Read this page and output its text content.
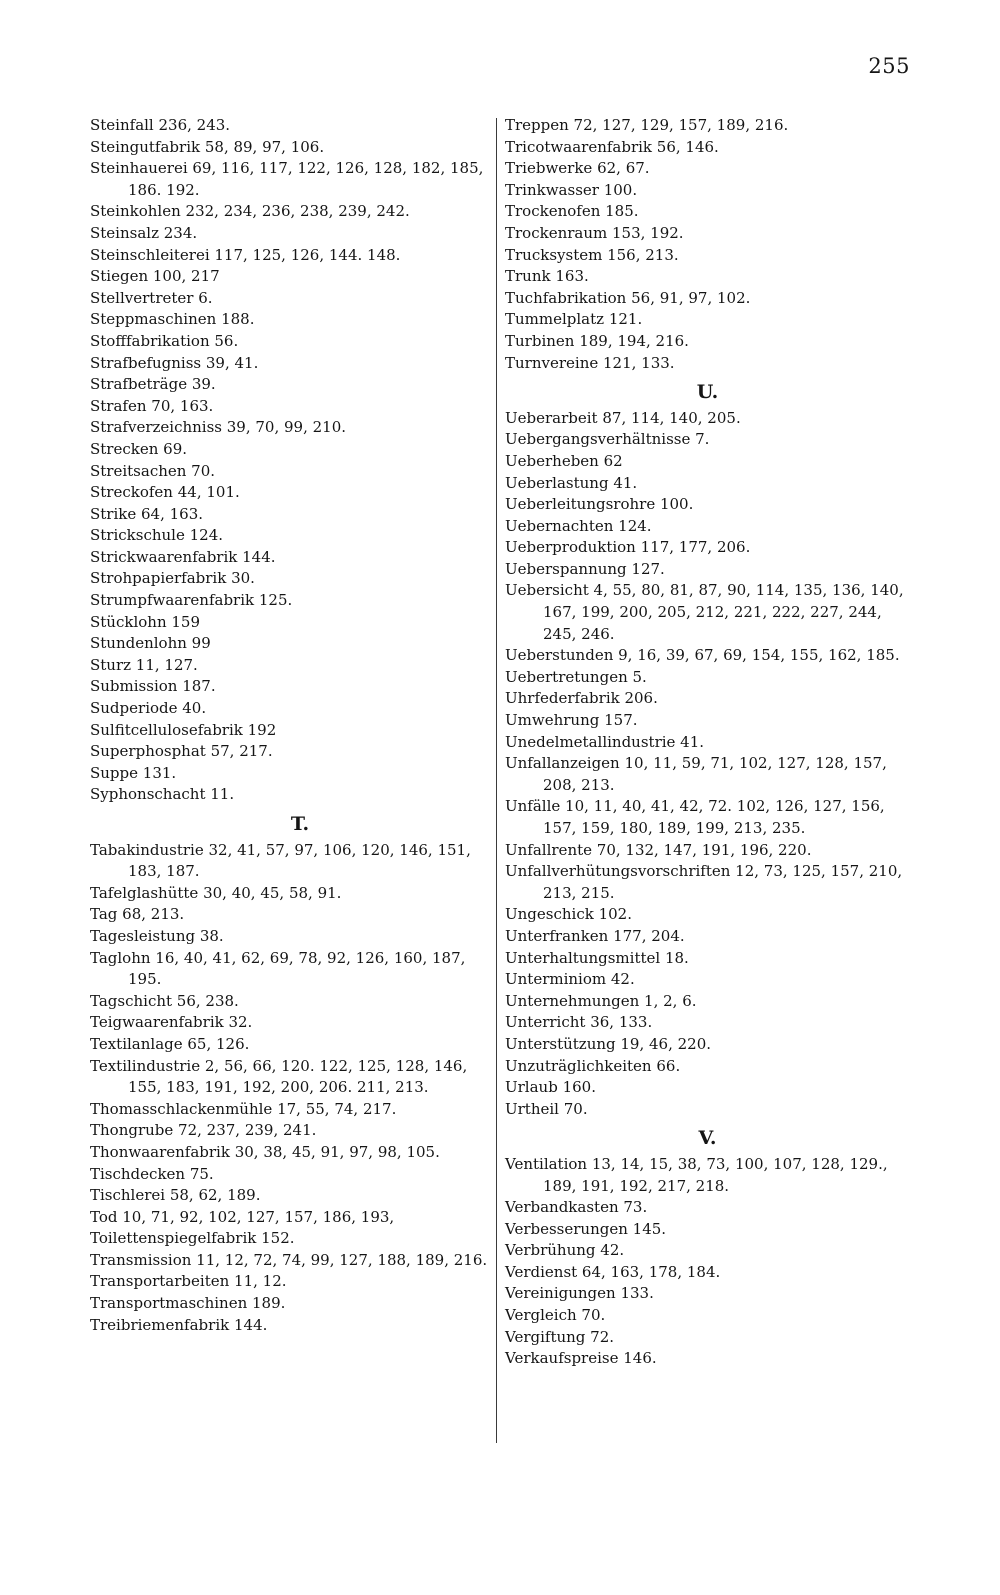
255
Steinfall 236, 243.
Steingutfabrik 58, 89, 97, 106.
Steinhauerei 69, 116, 117, 122, 126, 128, 182, 185, 186. 192.
Steinkohlen 232, 234, 236, 238, 239, 242.
Steinsalz 234.
Steinschleiterei 117, 125, 126, 144. 148.
Stiegen 100, 217
Stellvertreter 6.
Steppmaschinen 188.
Stofffabrikation 56.
Strafbefugniss 39, 41.
Strafbeträge 39.
Strafen 70, 163.
Strafverzeichniss 39, 70, 99, 210.
Strecken 69.
Streitsachen 70.
Streckofen 44, 101.
Strike 64, 163.
Strickschule 124.
Strickwaarenfabrik 144.
Strohpapierfabrik 30.
Strumpfwaarenfabrik 125.
Stücklohn 159
Stundenlohn 99
Sturz 11, 127.
Submission 187.
Sudperiode 40.
Sulfitcellulosefabrik 192
Superphosphat 57, 217.
Suppe 131.
Syphonschacht 11.
T.
Tabakindustrie 32, 41, 57, 97, 106, 120, 146, 151, 183, 187.
Tafelglashütte 30, 40, 45, 58, 91.
Tag 68, 213.
Tagesleistung 38.
Taglohn 16, 40, 41, 62, 69, 78, 92, 126, 160, 187, 195.
Tagschicht 56, 238.
Teigwaarenfabrik 32.
Textilanlage 65, 126.
Textilindustrie 2, 56, 66, 120. 122, 125, 128, 146, 155, 183, 191, 192, 200, 206. 211, 213.
Thomasschlackenmühle 17, 55, 74, 217.
Thongrube 72, 237, 239, 241.
Thonwaarenfabrik 30, 38, 45, 91, 97, 98, 105.
Tischdecken 75.
Tischlerei 58, 62, 189.
Tod 10, 71, 92, 102, 127, 157, 186, 193,
Toilettenspiegelfabrik 152.
Transmission 11, 12, 72, 74, 99, 127, 188, 189, 216.
Transportarbeiten 11, 12.
Transportmaschinen 189.
Treibriemenfabrik 144.
Treppen 72, 127, 129, 157, 189, 216.
Tricotwaarenfabrik 56, 146.
Triebwerke 62, 67.
Trinkwasser 100.
Trockenofen 185.
Trockenraum 153, 192.
Trucksystem 156, 213.
Trunk 163.
Tuchfabrikation 56, 91, 97, 102.
Tummelplatz 121.
Turbinen 189, 194, 216.
Turnvereine 121, 133.
U.
Ueberarbeit 87, 114, 140, 205.
Uebergangsverhältnisse 7.
Ueberheben 62
Ueberlastung 41.
Ueberleitungsrohre 100.
Uebernachten 124.
Ueberproduktion 117, 177, 206.
Ueberspannung 127.
Uebersicht 4, 55, 80, 81, 87, 90, 114, 135, 136, 140, 167, 199, 200, 205, 212, 221, 222, 227, 244, 245, 246.
Ueberstunden 9, 16, 39, 67, 69, 154, 155, 162, 185.
Uebertretungen 5.
Uhrfederfabrik 206.
Umwehrung 157.
Unedelmetallindustrie 41.
Unfallanzeigen 10, 11, 59, 71, 102, 127, 128, 157, 208, 213.
Unfälle 10, 11, 40, 41, 42, 72. 102, 126, 127, 156, 157, 159, 180, 189, 199, 213, 235.
Unfallrente 70, 132, 147, 191, 196, 220.
Unfallverhütungsvorschriften 12, 73, 125, 157, 210, 213, 215.
Ungeschick 102.
Unterfranken 177, 204.
Unterhaltungsmittel 18.
Unterminiom 42.
Unternehmungen 1, 2, 6.
Unterricht 36, 133.
Unterstützung 19, 46, 220.
Unzuträglichkeiten 66.
Urlaub 160.
Urtheil 70.
V.
Ventilation 13, 14, 15, 38, 73, 100, 107, 128, 129., 189, 191, 192, 217, 218.
Verbandkasten 73.
Verbesserungen 145.
Verbrühung 42.
Verdienst 64, 163, 178, 184.
Vereinigungen 133.
Vergleich 70.
Vergiftung 72.
Verkaufspreise 146.
